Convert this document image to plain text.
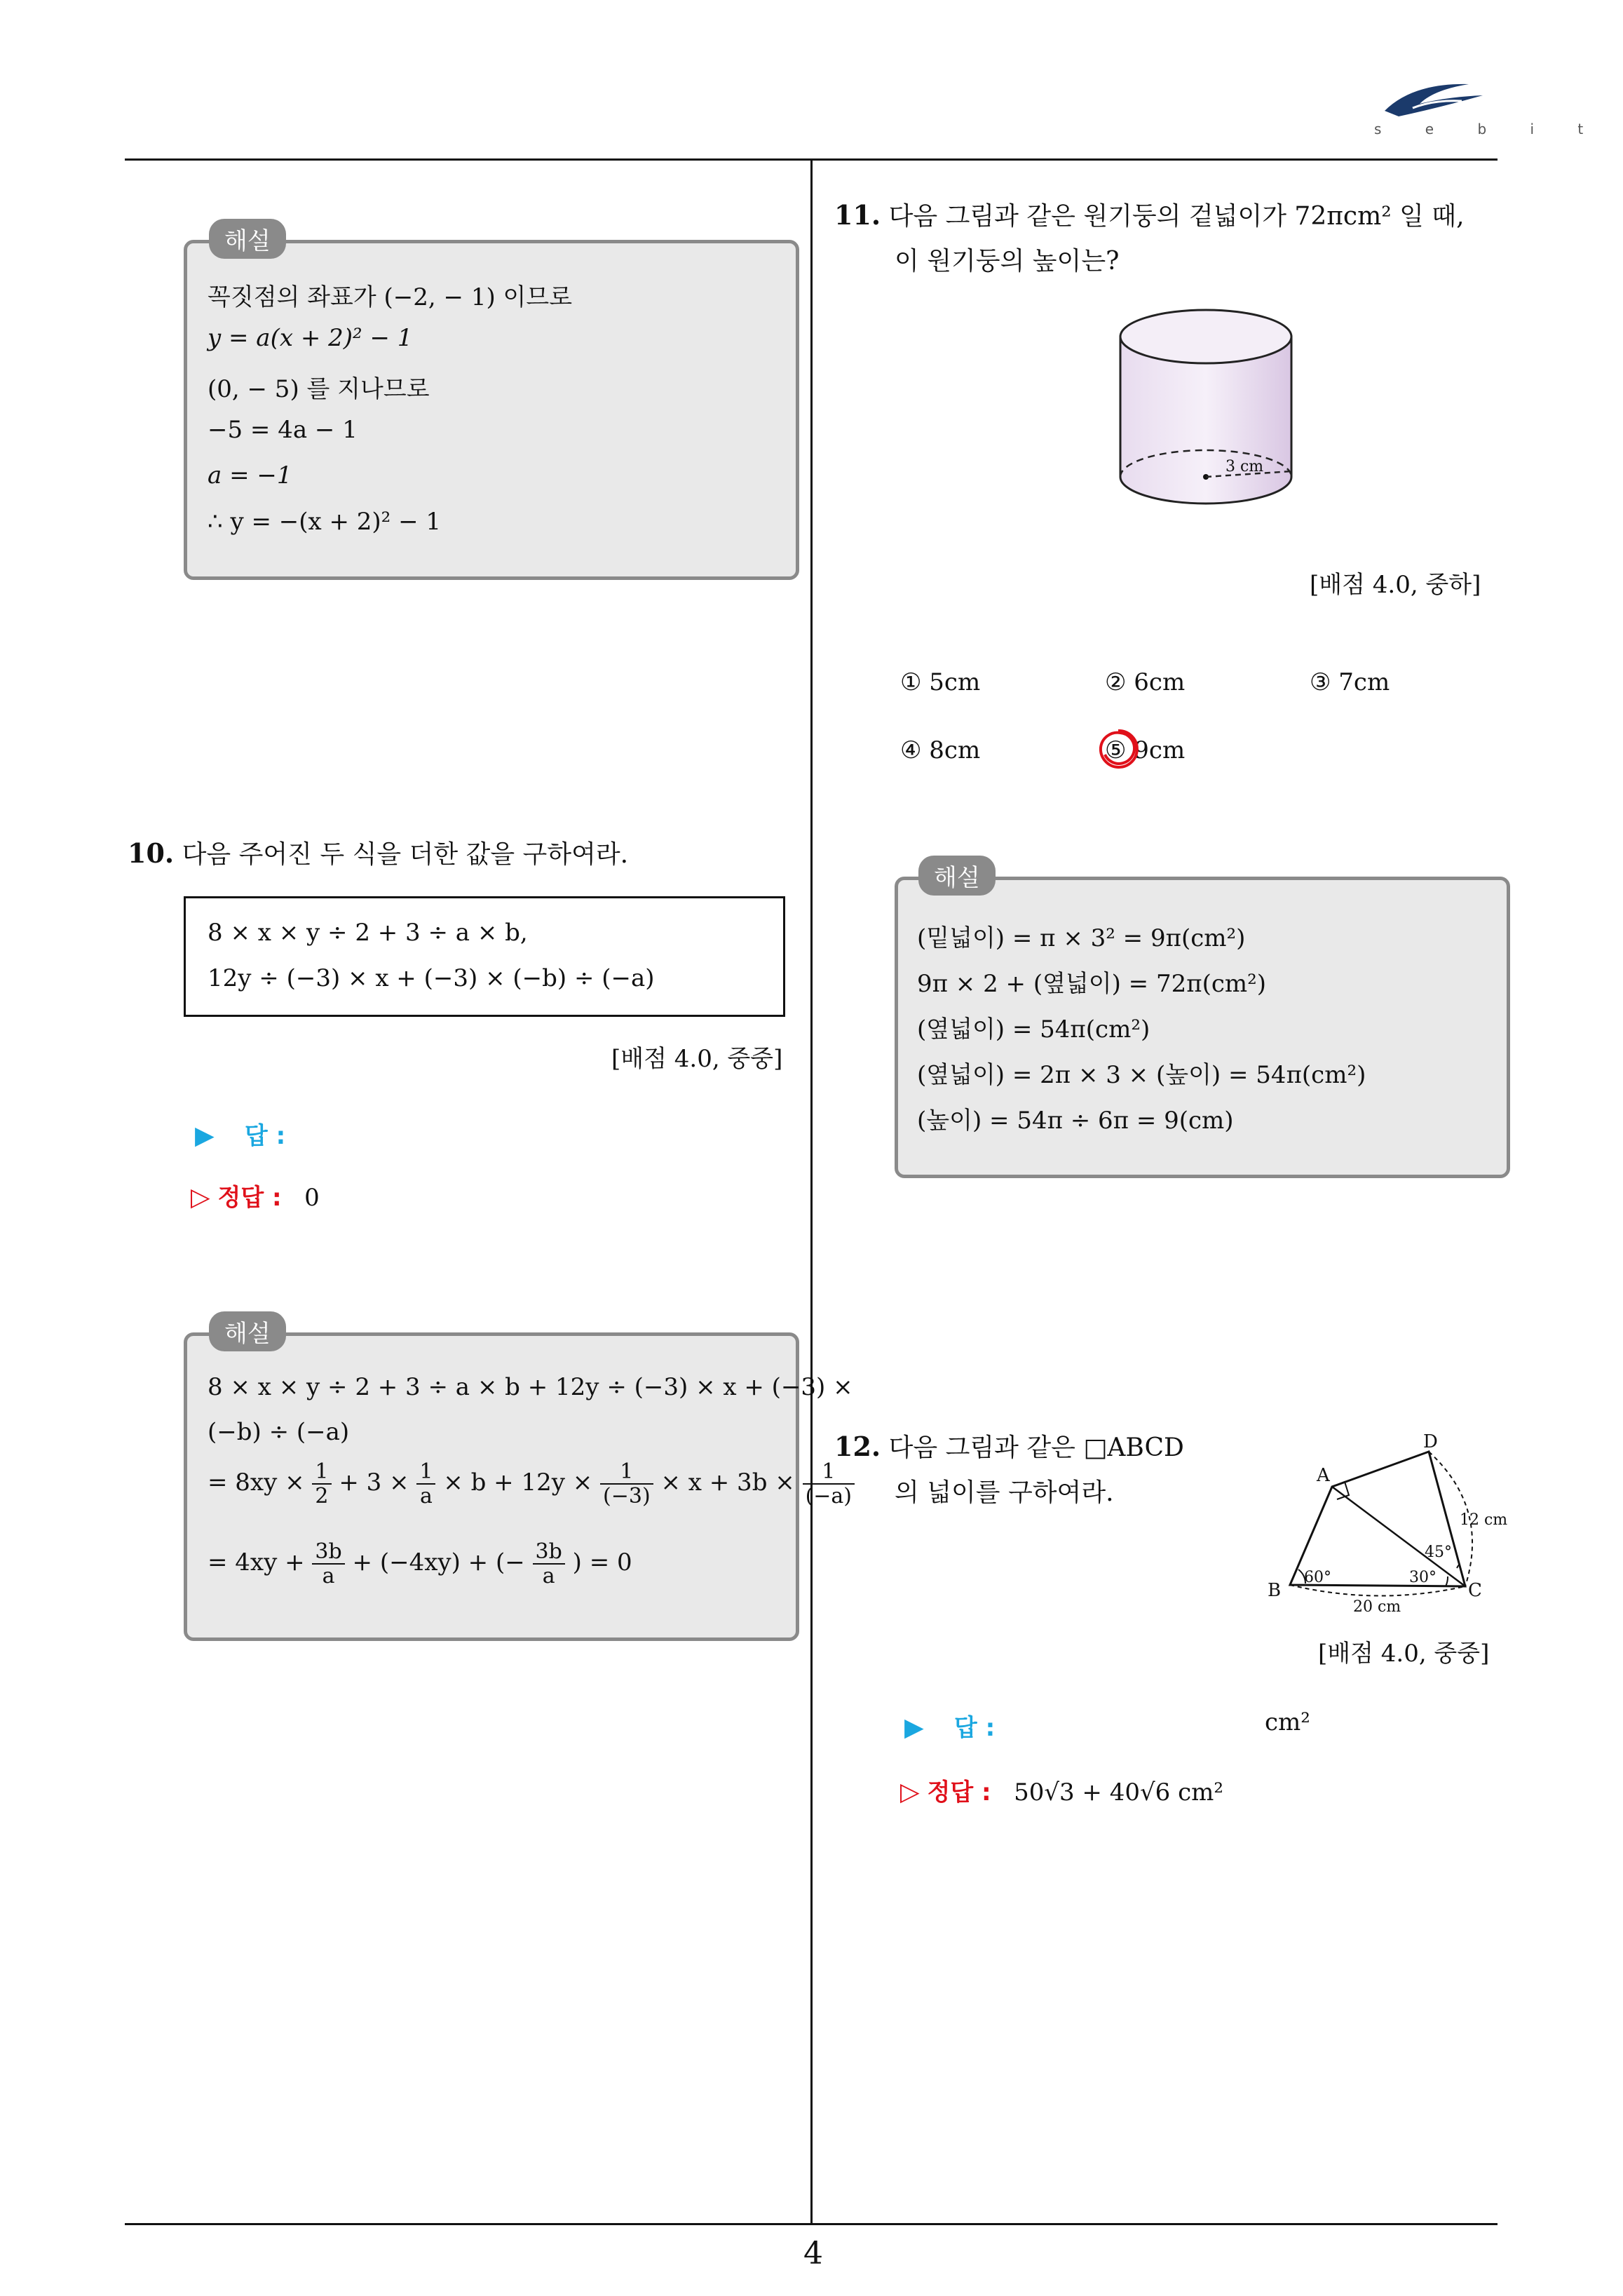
s e b i t
해설
꼭짓점의 좌표가 (−2, − 1) 이므로
y = a(x + 2)² − 1
(0, − 5) 를 지나므로
−5 = 4a − 1
a = −1
∴ y = −(x + 2)² − 1
10. 다음 주어진 두 식을 더한 값을 구하여라.
8 × x × y ÷ 2 + 3 ÷ a × b,
12y ÷ (−3) × x + (−3) × (−b) ÷ (−a)
[배점 4.0, 중중]
▶ 답 :
▷ 정답 : 0
해설
8 × x × y ÷ 2 + 3 ÷ a × b + 12y ÷ (−3) × x + (−3) ×
(−b) ÷ (−a)
= $8xy \times \frac{1}{2} + 3 \times \frac{1}{a} \times b + 12y \times \frac{1}{(-3)} \times x + 3b \times \frac{1}{(-a)}$
= $4xy + \frac{3b}{a} + (-4xy)$ + (− $\frac{3b}{a}$ ) = 0
11. 다음 그림과 같은 원기둥의 겉넓이가 72πcm² 일 때,
이 원기둥의 높이는?
3 cm
[배점 4.0, 중하]
① 5cm	② 6cm	③ 7cm
④ 8cm	⑤ 9cm
해설
(밑넓이) = π × 3² = 9π(cm²)
9π × 2 + (옆넓이) = 72π(cm²)
(옆넓이) = 54π(cm²)
(옆넓이) = 2π × 3 × (높이) = 54π(cm²)
(높이) = 54π ÷ 6π = 9(cm)
12. 다음 그림과 같은 □ABCD
의 넓이를 구하여라.
A
B	C
D
12 cm
20 cm
60°	30°
45°
[배점 4.0, 중중]
▶ 답 :	cm²
▷ 정답 : 50√3 + 40√6 cm²
4
